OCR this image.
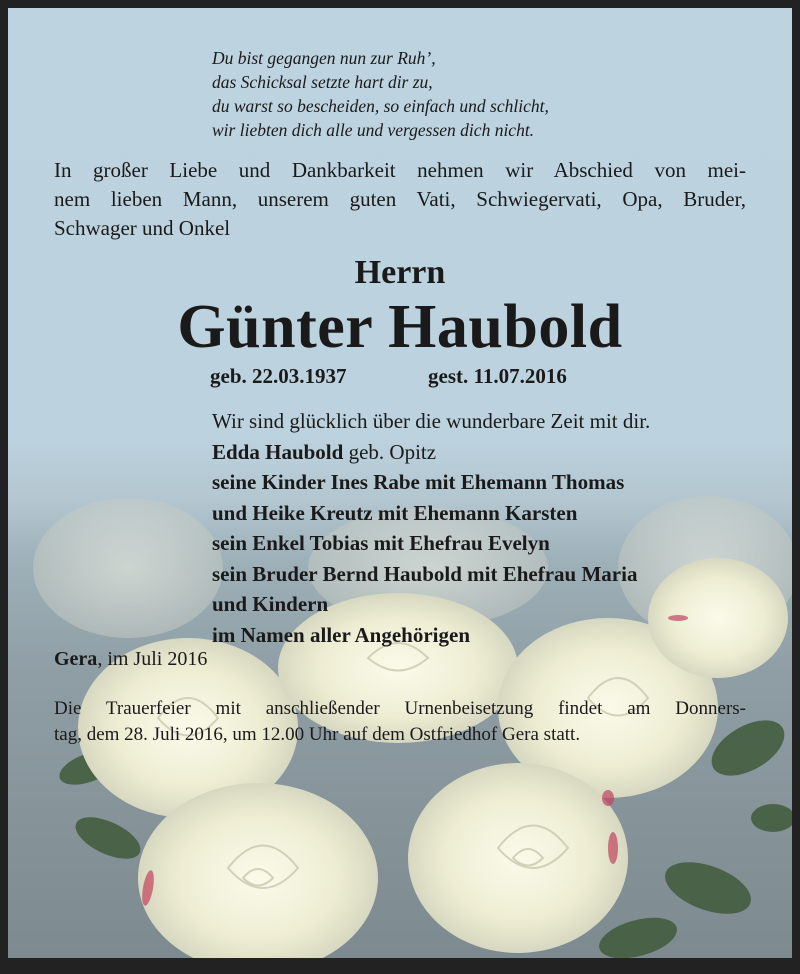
Du bist gegangen nun zur Ruh’,
das Schicksal setzte hart dir zu,
du warst so bescheiden, so einfach und schlicht,
wir liebten dich alle und vergessen dich nicht.
In großer Liebe und Dankbarkeit nehmen wir Abschied von mei-
nem lieben Mann, unserem guten Vati, Schwiegervati, Opa, Bruder,
Schwager und Onkel
Herrn
Günter Haubold
geb. 22.03.1937	gest. 11.07.2016
Wir sind glücklich über die wunderbare Zeit mit dir.
Edda Haubold geb. Opitz
seine Kinder Ines Rabe mit Ehemann Thomas
und Heike Kreutz mit Ehemann Karsten
sein Enkel Tobias mit Ehefrau Evelyn
sein Bruder Bernd Haubold mit Ehefrau Maria
und Kindern
im Namen aller Angehörigen
Gera, im Juli 2016
Die Trauerfeier mit anschließender Urnenbeisetzung findet am Donners-
tag, dem 28. Juli 2016, um 12.00 Uhr auf dem Ostfriedhof Gera statt.
